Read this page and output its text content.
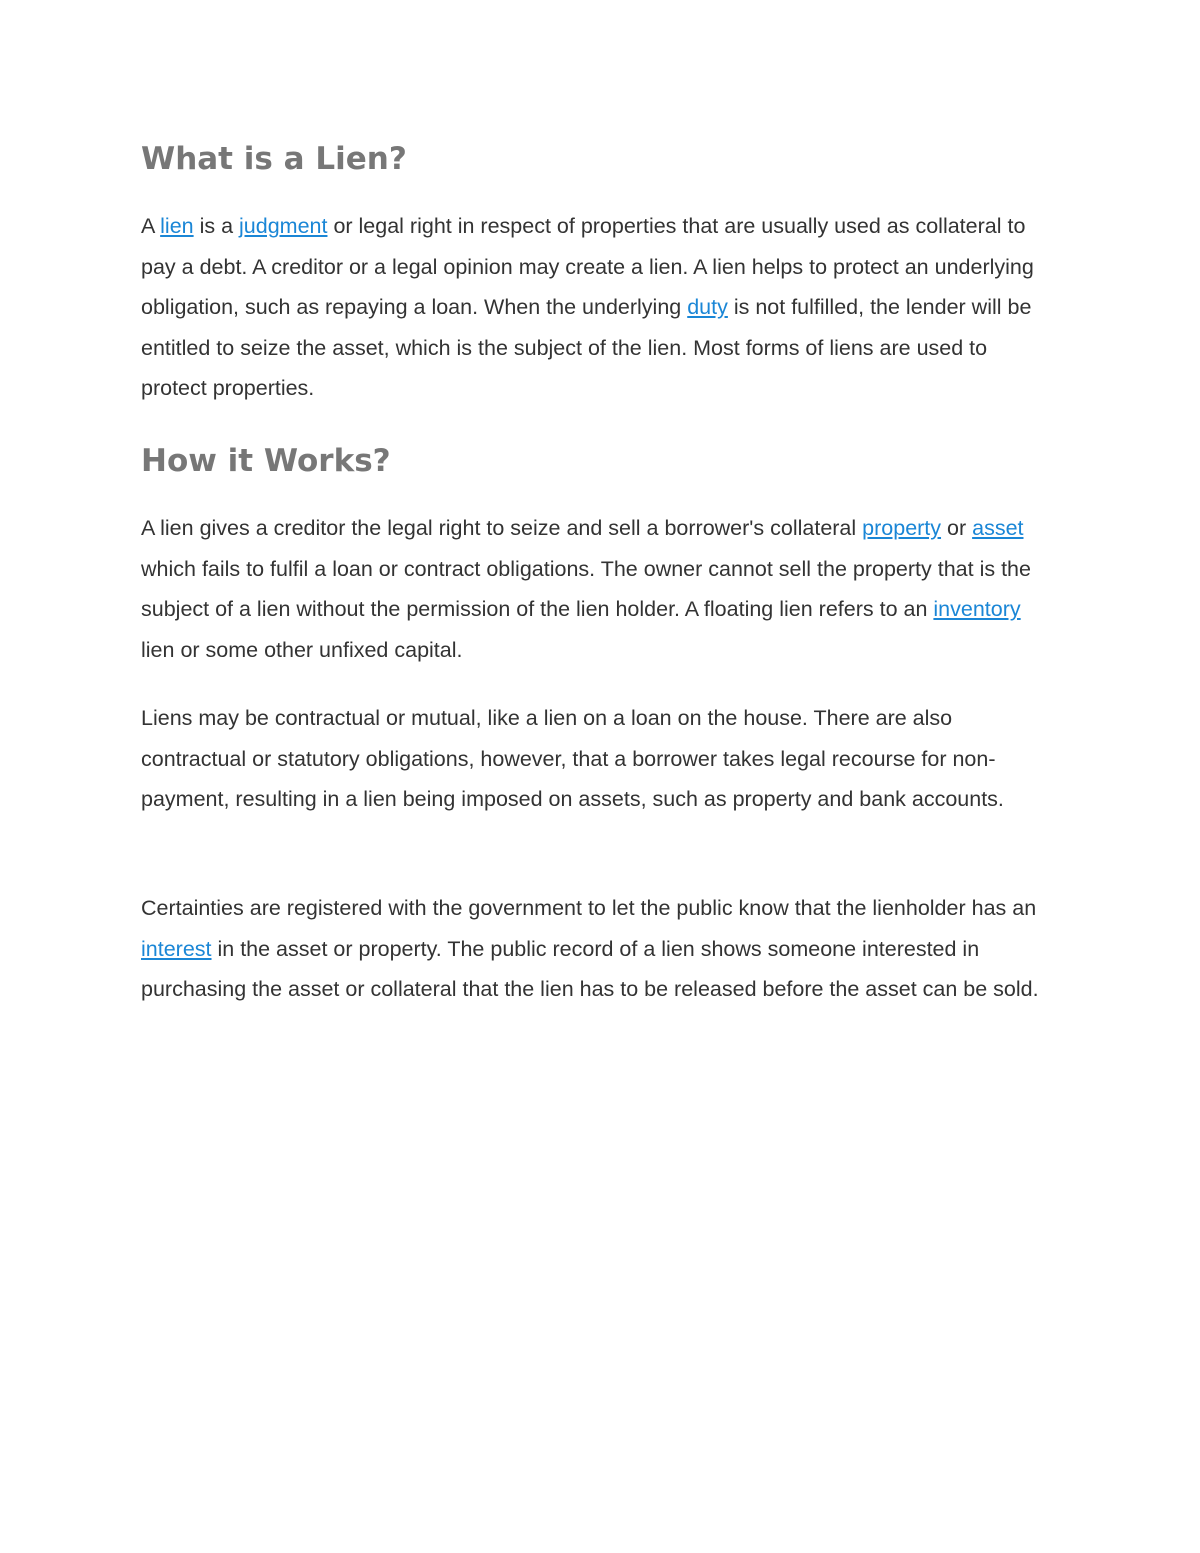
What is a Lien?

A lien is a judgment or legal right in respect of properties that are usually used as collateral to pay a debt. A creditor or a legal opinion may create a lien. A lien helps to protect an underlying obligation, such as repaying a loan. When the underlying duty is not fulfilled, the lender will be entitled to seize the asset, which is the subject of the lien. Most forms of liens are used to protect properties.

How it Works?

A lien gives a creditor the legal right to seize and sell a borrower's collateral property or asset which fails to fulfil a loan or contract obligations. The owner cannot sell the property that is the subject of a lien without the permission of the lien holder. A floating lien refers to an inventory lien or some other unfixed capital.

Liens may be contractual or mutual, like a lien on a loan on the house. There are also contractual or statutory obligations, however, that a borrower takes legal recourse for non-payment, resulting in a lien being imposed on assets, such as property and bank accounts.

Certainties are registered with the government to let the public know that the lienholder has an interest in the asset or property. The public record of a lien shows someone interested in purchasing the asset or collateral that the lien has to be released before the asset can be sold.
